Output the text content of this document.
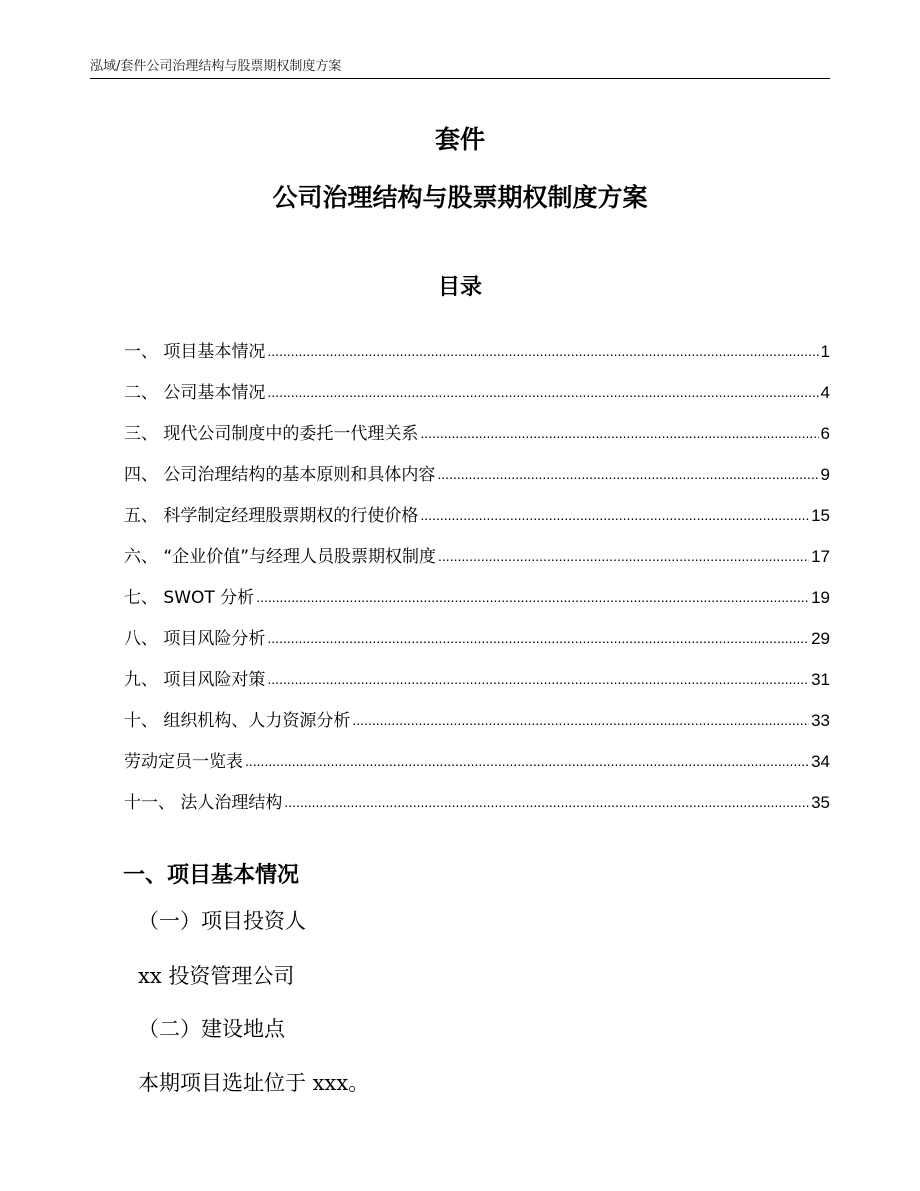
泓域/套件公司治理结构与股票期权制度方案
套件
公司治理结构与股票期权制度方案
目录
一、 项目基本情况 .....	1
二、 公司基本情况 .....	4
三、 现代公司制度中的委托一代理关系 .....	6
四、 公司治理结构的基本原则和具体内容 .....	9
五、 科学制定经理股票期权的行使价格 .....	15
六、 “企业价值”与经理人员股票期权制度 .....	17
七、 SWOT 分析 .....	19
八、 项目风险分析 .....	29
九、 项目风险对策 .....	31
十、 组织机构、人力资源分析 .....	33
劳动定员一览表 .....	34
十一、 法人治理结构 .....	35
一、项目基本情况
（一）项目投资人
xx 投资管理公司
（二）建设地点
本期项目选址位于 xxx。
